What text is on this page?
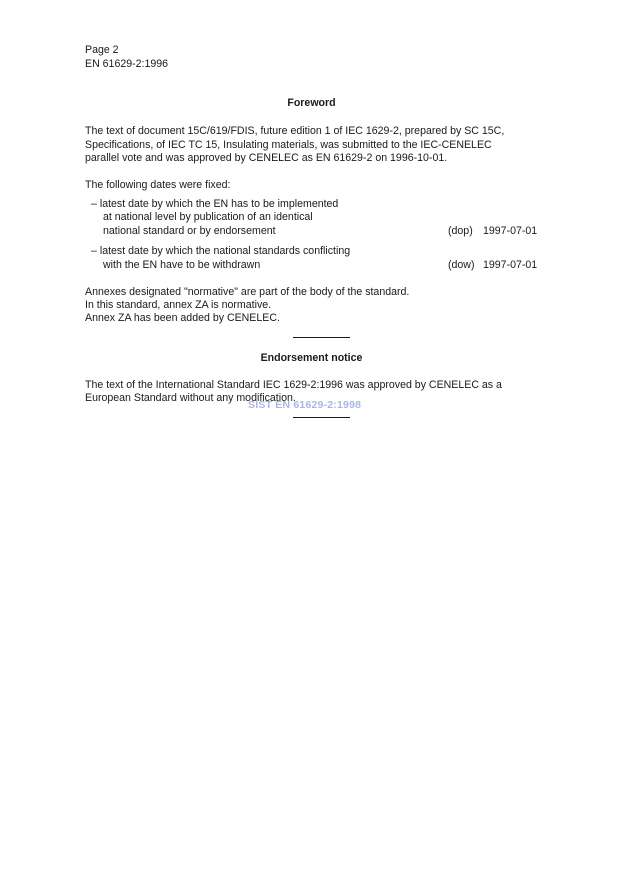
Page 2
EN 61629-2:1996
Foreword
The text of document 15C/619/FDIS, future edition 1 of IEC 1629-2, prepared by SC 15C,
Specifications, of IEC TC 15, Insulating materials, was submitted to the IEC-CENELEC
parallel vote and was approved by CENELEC as EN 61629-2 on 1996-10-01.
The following dates were fixed:
– latest date by which the EN has to be implemented
at national level by publication of an identical
national standard or by endorsement	(dop) 1997-07-01
– latest date by which the national standards conflicting
with the EN have to be withdrawn	(dow) 1997-07-01
Annexes designated "normative" are part of the body of the standard.
In this standard, annex ZA is normative.
Annex ZA has been added by CENELEC.
Endorsement notice
The text of the International Standard IEC 1629-2:1996 was approved by CENELEC as a
European Standard without any modification.
SIST EN 61629-2:1998
